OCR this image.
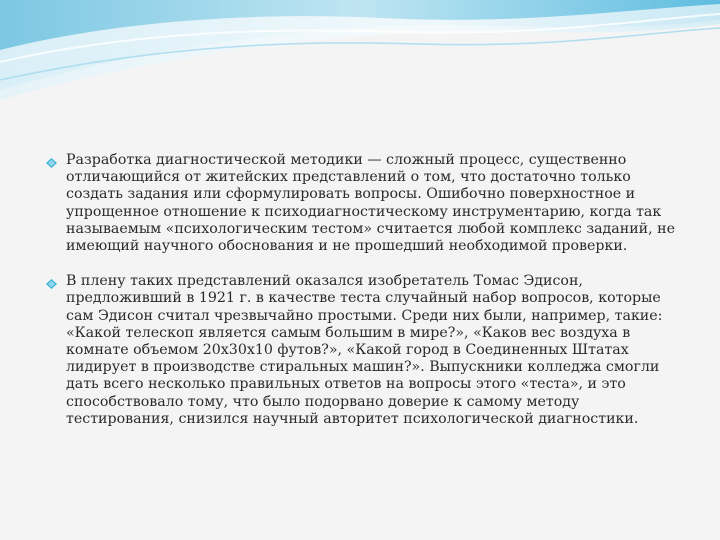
Разработка диагностической методики — сложный процесс, существенно отличающийся от житейских представлений о том, что достаточно только создать задания или сформулировать вопросы. Ошибочно поверхностное и упрощенное отношение к психодиагностическому инструментарию, когда так называемым «психологическим тестом» считается любой комплекс заданий, не имеющий научного обоснования и не прошедший необходимой проверки.

В плену таких представлений оказался изобретатель Томас Эдисон, предложивший в 1921 г. в качестве теста случайный набор вопросов, которые сам Эдисон считал чрезвычайно простыми. Среди них были, например, такие: «Какой телескоп является самым большим в мире?», «Каков вес воздуха в комнате объемом 20x30x10 футов?», «Какой город в Соединенных Штатах лидирует в производстве стиральных машин?». Выпускники колледжа смогли дать всего несколько правильных ответов на вопросы этого «теста», и это способствовало тому, что было подорвано доверие к самому методу тестирования, снизился научный авторитет психологической диагностики.
